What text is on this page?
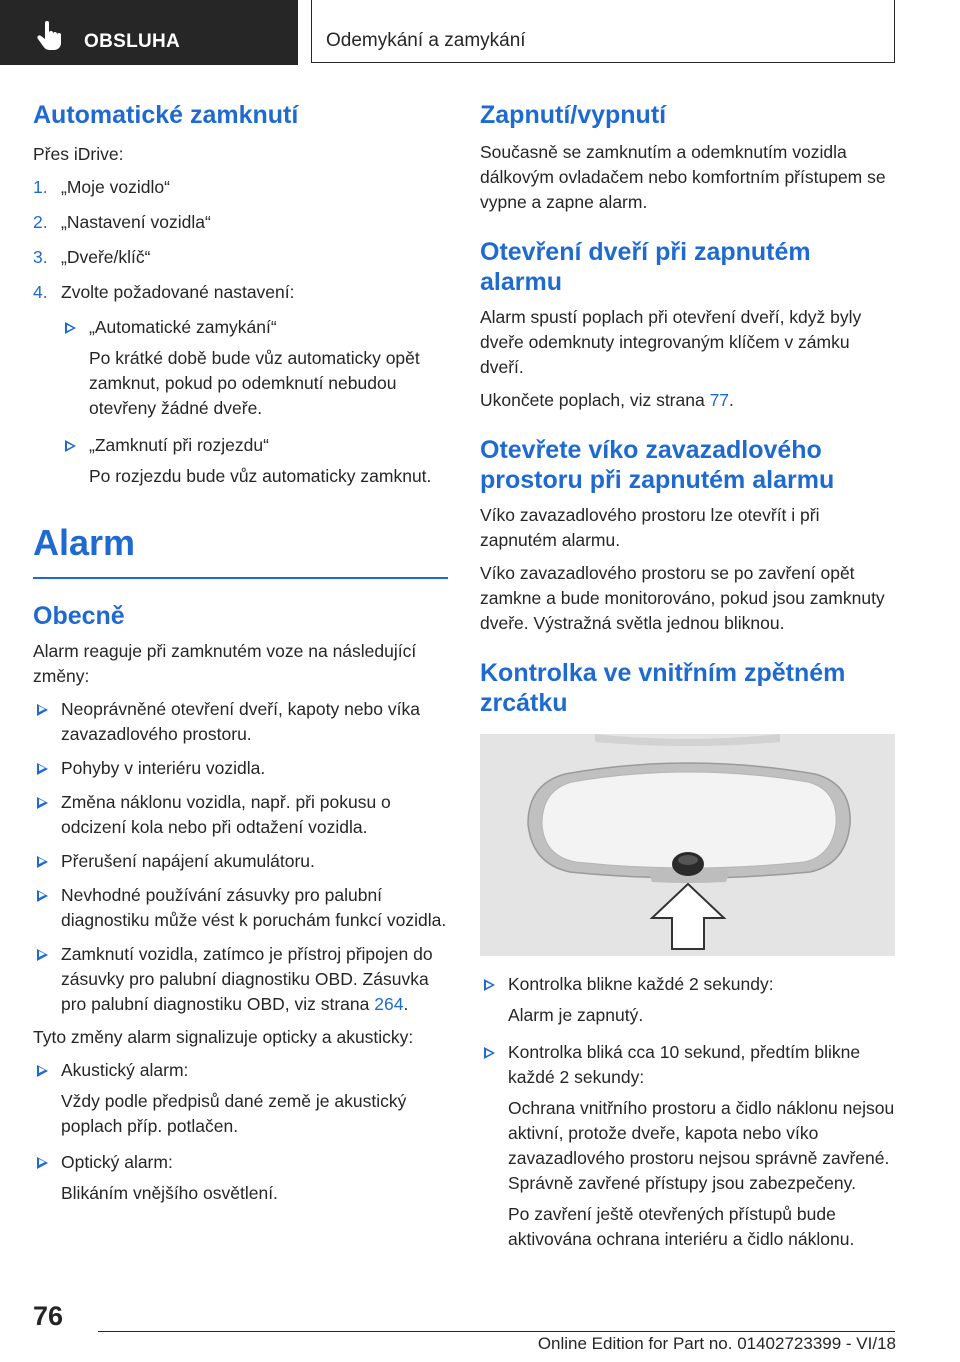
OBSLUHA	Odemykání a zamykání
Automatické zamknutí

Přes iDrive:

1. „Moje vozidlo“
2. „Nastavení vozidla“
3. „Dveře/klíč“
4. Zvolte požadované nastavení:

„Automatické zamykání“

Po krátké době bude vůz automaticky opět zamknut, pokud po odemknutí nebudou otevřeny žádné dveře.

„Zamknutí při rozjezdu“

Po rozjezdu bude vůz automaticky zamknut.

Alarm
Obecně

Alarm reaguje při zamknutém voze na následující změny:

Neoprávněné otevření dveří, kapoty nebo víka zavazadlového prostoru.
Pohyby v interiéru vozidla.
Změna náklonu vozidla, např. při pokusu o odcizení kola nebo při odtažení vozidla.
Přerušení napájení akumulátoru.
Nevhodné používání zásuvky pro palubní diagnostiku může vést k poruchám funkcí vozidla.
Zamknutí vozidla, zatímco je přístroj připojen do zásuvky pro palubní diagnostiku OBD. Zásuvka pro palubní diagnostiku OBD, viz strana 264.

Tyto změny alarm signalizuje opticky a akusticky:

Akustický alarm:

Vždy podle předpisů dané země je akustický poplach příp. potlačen.

Optický alarm:

Blikáním vnějšího osvětlení.

Zapnutí/vypnutí

Současně se zamknutím a odemknutím vozidla dálkovým ovladačem nebo komfortním přístupem se vypne a zapne alarm.

Otevření dveří při zapnutém alarmu

Alarm spustí poplach při otevření dveří, když byly dveře odemknuty integrovaným klíčem v zámku dveří.

Ukončete poplach, viz strana 77.

Otevřete víko zavazadlového prostoru při zapnutém alarmu

Víko zavazadlového prostoru lze otevřít i při zapnutém alarmu.

Víko zavazadlového prostoru se po zavření opět zamkne a bude monitorováno, pokud jsou zamknuty dveře. Výstražná světla jednou bliknou.

Kontrolka ve vnitřním zpětném zrcátku

Kontrolka blikne každé 2 sekundy:

Alarm je zapnutý.

Kontrolka bliká cca 10 sekund, předtím blikne každé 2 sekundy:

Ochrana vnitřního prostoru a čidlo náklonu nejsou aktivní, protože dveře, kapota nebo víko zavazadlového prostoru nejsou správně zavřené. Správně zavřené přístupy jsou zabezpečeny.

Po zavření ještě otevřených přístupů bude aktivována ochrana interiéru a čidlo náklonu.

76
Online Edition for Part no. 01402723399 - VI/18
